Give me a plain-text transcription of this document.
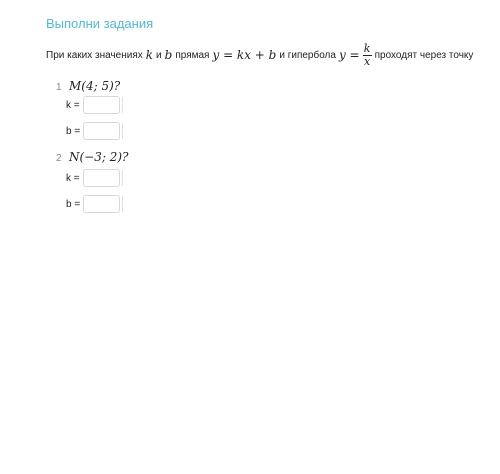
Выполни задания
При каких значениях k и b прямая y = kx + b и гипербола $y = \frac{k}{x}$ проходят через точку
1 M(4; 5)?
k =
b =
2 N(−3; 2)?
k =
b =
